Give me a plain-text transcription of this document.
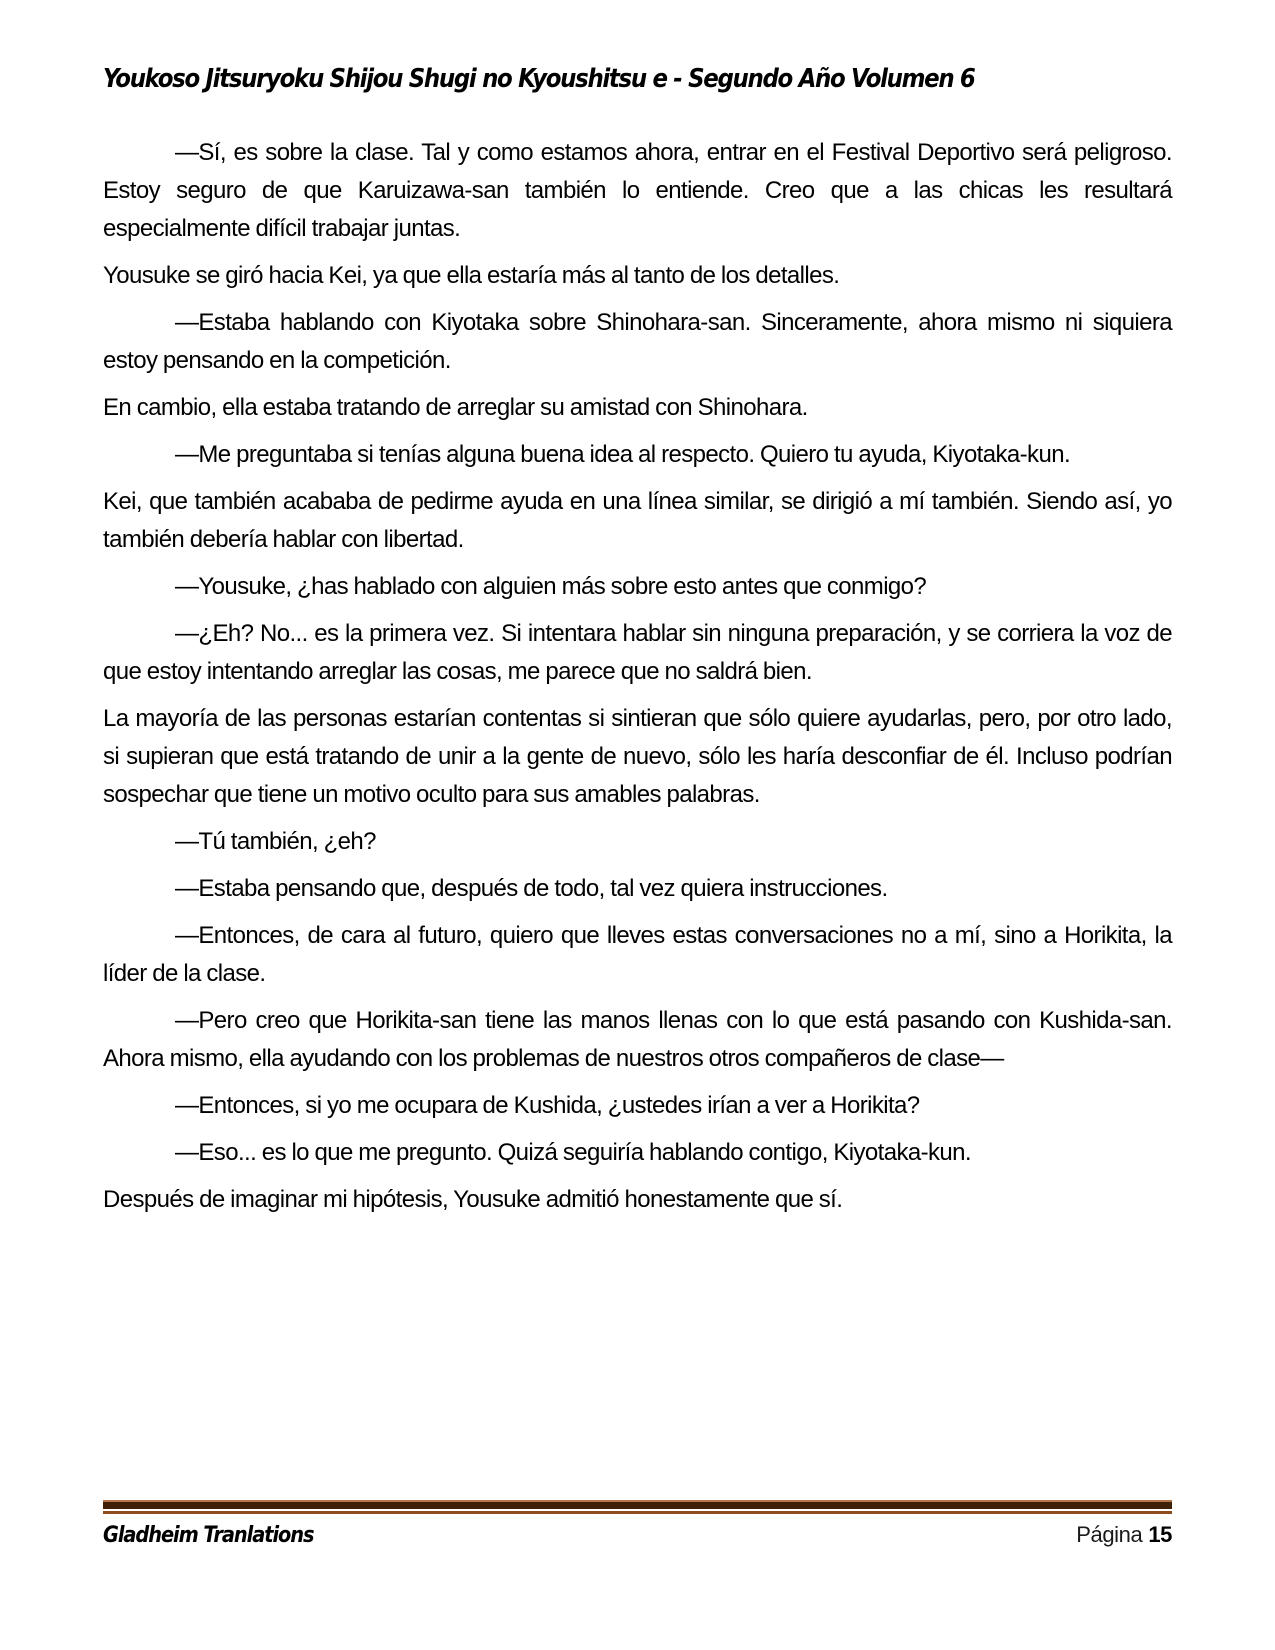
Youkoso Jitsuryoku Shijou Shugi no Kyoushitsu e - Segundo Año Volumen 6

—Sí, es sobre la clase. Tal y como estamos ahora, entrar en el Festival Deportivo será peligroso. Estoy seguro de que Karuizawa-san también lo entiende. Creo que a las chicas les resultará especialmente difícil trabajar juntas.

Yousuke se giró hacia Kei, ya que ella estaría más al tanto de los detalles.

—Estaba hablando con Kiyotaka sobre Shinohara-san. Sinceramente, ahora mismo ni siquiera estoy pensando en la competición.

En cambio, ella estaba tratando de arreglar su amistad con Shinohara.

—Me preguntaba si tenías alguna buena idea al respecto. Quiero tu ayuda, Kiyotaka-kun.

Kei, que también acababa de pedirme ayuda en una línea similar, se dirigió a mí también. Siendo así, yo también debería hablar con libertad.

—Yousuke, ¿has hablado con alguien más sobre esto antes que conmigo?

—¿Eh? No... es la primera vez. Si intentara hablar sin ninguna preparación, y se corriera la voz de que estoy intentando arreglar las cosas, me parece que no saldrá bien.

La mayoría de las personas estarían contentas si sintieran que sólo quiere ayudarlas, pero, por otro lado, si supieran que está tratando de unir a la gente de nuevo, sólo les haría desconfiar de él. Incluso podrían sospechar que tiene un motivo oculto para sus amables palabras.

—Tú también, ¿eh?

—Estaba pensando que, después de todo, tal vez quiera instrucciones.

—Entonces, de cara al futuro, quiero que lleves estas conversaciones no a mí, sino a Horikita, la líder de la clase.

—Pero creo que Horikita-san tiene las manos llenas con lo que está pasando con Kushida-san. Ahora mismo, ella ayudando con los problemas de nuestros otros compañeros de clase—

—Entonces, si yo me ocupara de Kushida, ¿ustedes irían a ver a Horikita?

—Eso... es lo que me pregunto. Quizá seguiría hablando contigo, Kiyotaka-kun.

Después de imaginar mi hipótesis, Yousuke admitió honestamente que sí.

Gladheim Tranlations	Página 15
